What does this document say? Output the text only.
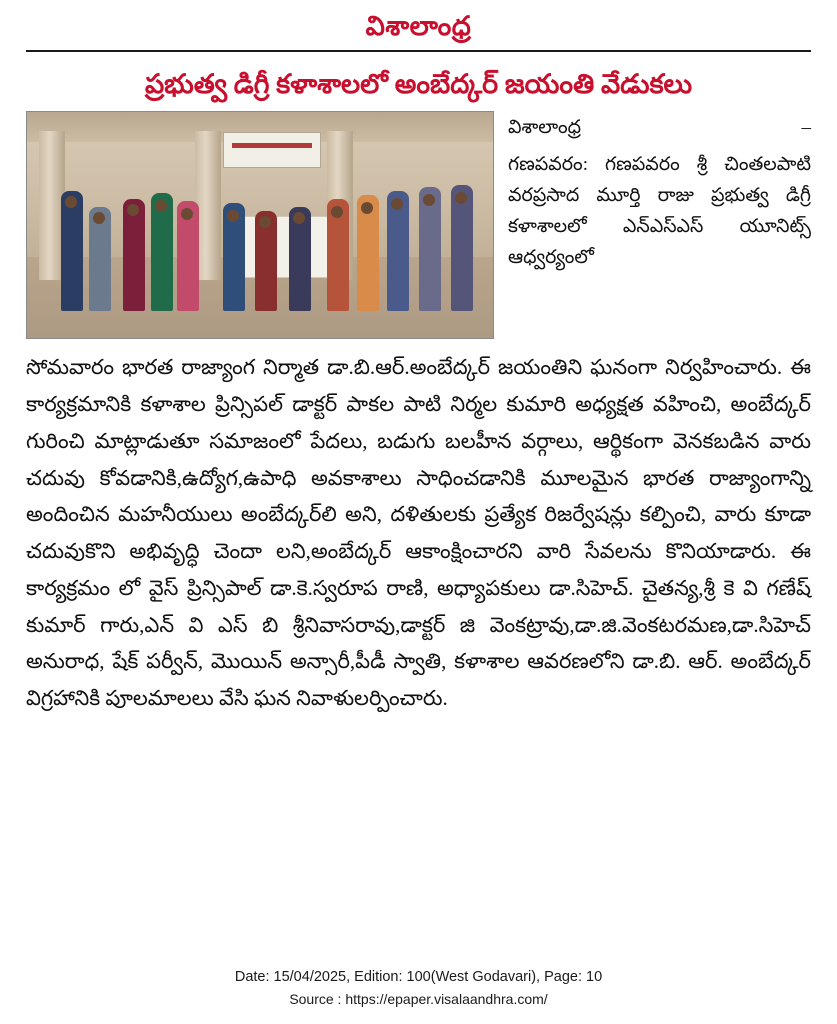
విశాలాంధ్ర
ప్రభుత్వ డిగ్రీ కళాశాలలో అంబేద్కర్ జయంతి వేడుకలు
విశాలాంధ్ర	–
గణపవరం: గణపవరం శ్రీ చింతలపాటి వరప్రసాద మూర్తి రాజు ప్రభుత్వ డిగ్రీ కళాశాలలో ఎన్‌ఎస్‌ఎస్ యూనిట్స్ ఆధ్వర్యంలో

సోమవారం భారత రాజ్యాంగ నిర్మాత డా.బి.ఆర్.అంబేద్కర్ జయంతిని ఘనంగా నిర్వహించారు. ఈ కార్యక్రమానికి కళాశాల ప్రిన్సిపల్ డాక్టర్ పాకల పాటి నిర్మల కుమారి అధ్యక్షత వహించి, అంబేద్కర్ గురించి మాట్లాడుతూ సమాజంలో పేదలు, బడుగు బలహీన వర్గాలు, ఆర్థికంగా వెనకబడిన వారు చదువు కోవడానికి,ఉద్యోగ,ఉపాధి అవకాశాలు సాధించడానికి మూలమైన భారత రాజ్యాంగాన్ని అందించిన మహనీయులు అంబేద్కర్‌లి అని, దళితులకు ప్రత్యేక రిజర్వేషన్లు కల్పించి, వారు కూడా చదువుకొని అభివృద్ధి చెందా లని,అంబేద్కర్ ఆకాంక్షించారని వారి సేవలను కొనియాడారు. ఈ కార్యక్రమం లో వైస్ ప్రిన్సిపాల్ డా.కె.స్వరూప రాణి, అధ్యాపకులు డా.సిహెచ్. చైతన్య,శ్రీ కె వి గణేష్ కుమార్ గారు,ఎన్ వి ఎస్ బి శ్రీనివాసరావు,డాక్టర్ జి వెంకట్రావు,డా.జి.వెంకటరమణ,డా.సిహెచ్ అనురాధ, షేక్ పర్వీన్, మొయిన్ అన్సారీ,పీడీ స్వాతి, కళాశాల ఆవరణలోని డా.బి. ఆర్. అంబేద్కర్ విగ్రహానికి పూలమాలలు వేసి ఘన నివాళులర్పించారు.

Date: 15/04/2025, Edition: 100(West Godavari), Page: 10
Source : https://epaper.visalaandhra.com/
